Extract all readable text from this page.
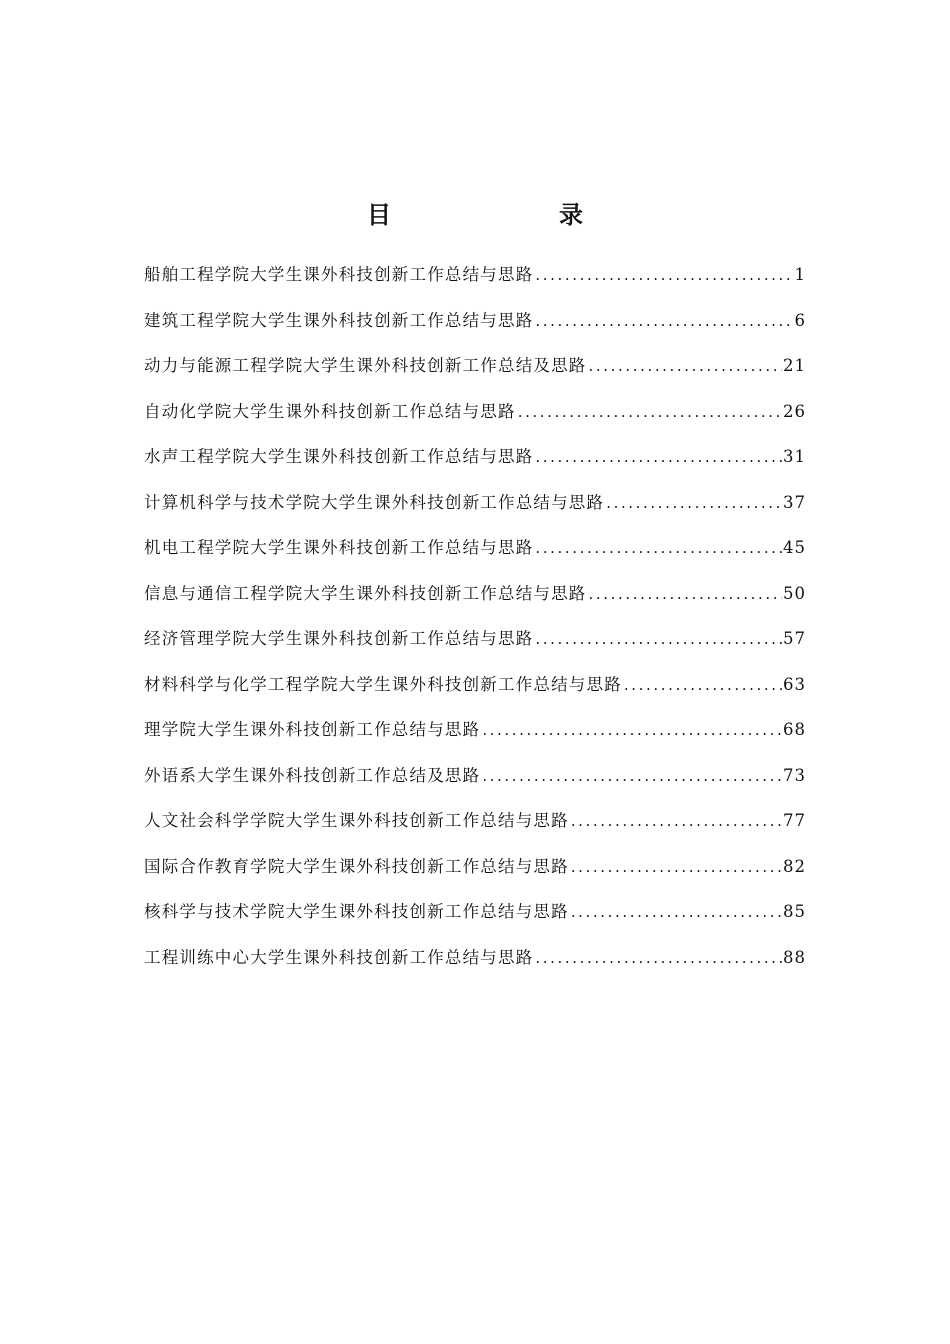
目　录
船舶工程学院大学生课外科技创新工作总结与思路 .....	1
建筑工程学院大学生课外科技创新工作总结与思路 .....	6
动力与能源工程学院大学生课外科技创新工作总结及思路 .....	21
自动化学院大学生课外科技创新工作总结与思路 .....	26
水声工程学院大学生课外科技创新工作总结与思路 .....	31
计算机科学与技术学院大学生课外科技创新工作总结与思路 .....	37
机电工程学院大学生课外科技创新工作总结与思路 .....	45
信息与通信工程学院大学生课外科技创新工作总结与思路 .....	50
经济管理学院大学生课外科技创新工作总结与思路 .....	57
材料科学与化学工程学院大学生课外科技创新工作总结与思路 .....	63
理学院大学生课外科技创新工作总结与思路 .....	68
外语系大学生课外科技创新工作总结及思路 .....	73
人文社会科学学院大学生课外科技创新工作总结与思路 .....	77
国际合作教育学院大学生课外科技创新工作总结与思路 .....	82
核科学与技术学院大学生课外科技创新工作总结与思路 .....	85
工程训练中心大学生课外科技创新工作总结与思路 .....	88
